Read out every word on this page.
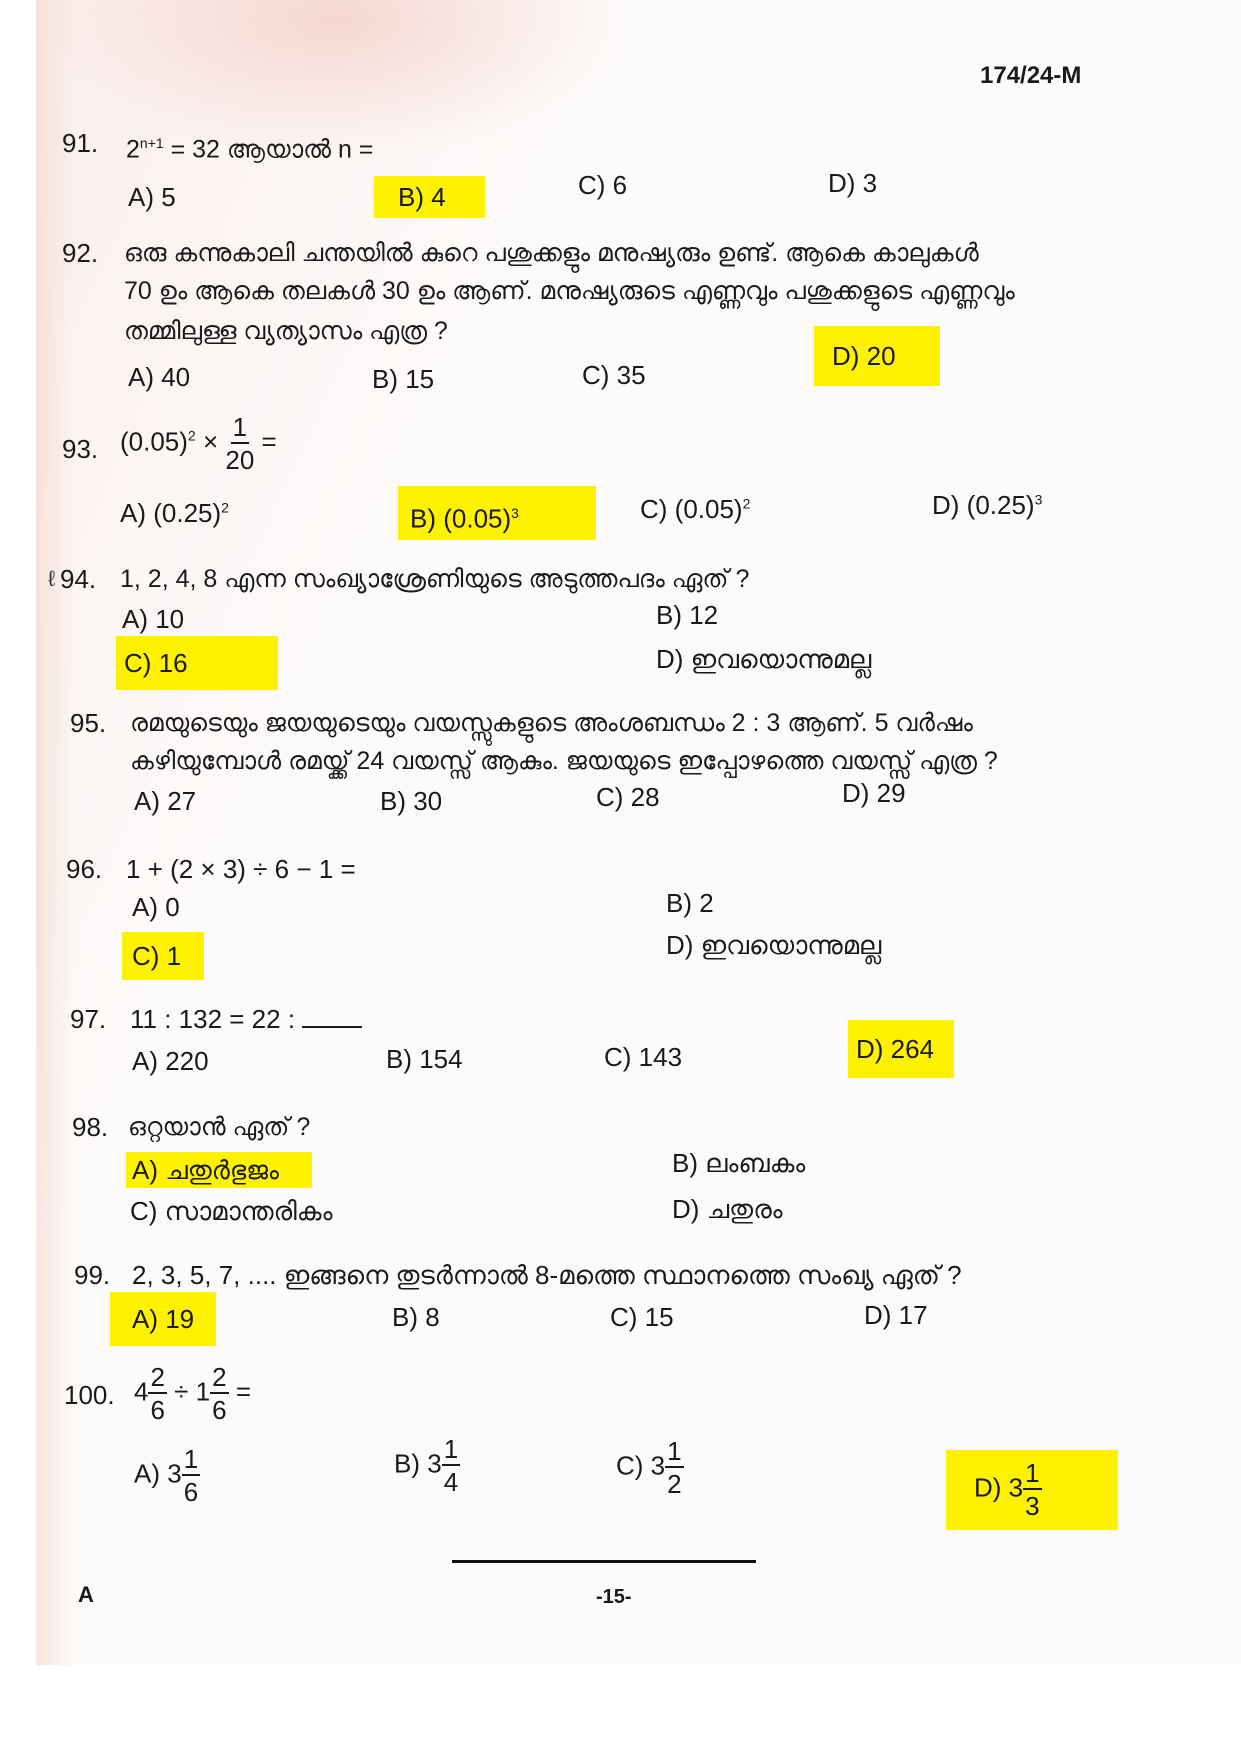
174/24-M
91. $2^{n+1} = 32$ ആയാൽ n =
A) 5	B) 4	C) 6	D) 3
92. ഒരു കന്നുകാലി ചന്തയിൽ കുറെ പശുക്കളും മനുഷ്യരും ഉണ്ട്. ആകെ കാലുകൾ
70 ഉം ആകെ തലകൾ 30 ഉം ആണ്. മനുഷ്യരുടെ എണ്ണവും പശുക്കളുടെ എണ്ണവും
തമ്മിലുള്ള വ്യത്യാസം എത്ര ?
A) 40	B) 15	C) 35
D) 20
93. $(0.05)^2 \times \frac{1}{20}$ =
A) $(0.25)^2$	B) $(0.05)^3$	C) $(0.05)^2$	D) $(0.25)^3$
ℓ 94. 1, 2, 4, 8 എന്ന സംഖ്യാശ്രേണിയുടെ അടുത്തപദം ഏത് ?
A) 10	B) 12
C) 16	D) ഇവയൊന്നുമല്ല
95. രമയുടെയും ജയയുടെയും വയസ്സുകളുടെ അംശബന്ധം 2 : 3 ആണ്. 5 വർഷം
കഴിയുമ്പോൾ രമയ്ക്ക് 24 വയസ്സ് ആകും. ജയയുടെ ഇപ്പോഴത്തെ വയസ്സ് എത്ര ?
A) 27	B) 30	C) 28	D) 29
96. 1 + (2 × 3) ÷ 6 − 1 =
A) 0	B) 2
C) 1	D) ഇവയൊന്നുമല്ല
97. 11 : 132 = 22 :
A) 220	B) 154	C) 143	D) 264
98. ഒറ്റയാൻ ഏത് ?
A) ചതുർഭുജം	B) ലംബകം
C) സാമാന്തരികം	D) ചതുരം
99. 2, 3, 5, 7, .... ഇങ്ങനെ തുടർന്നാൽ 8-മത്തെ സ്ഥാനത്തെ സംഖ്യ ഏത് ?
A) 19	B) 8	C) 15	D) 17
100. $4 \frac{2}{6} \div 1 \frac{2}{6}$ =
A) $3 \frac{1}{6}$	B) $3 \frac{1}{4}$	C) $3 \frac{1}{2}$	D) $3 \frac{1}{3}$
A	-15-
